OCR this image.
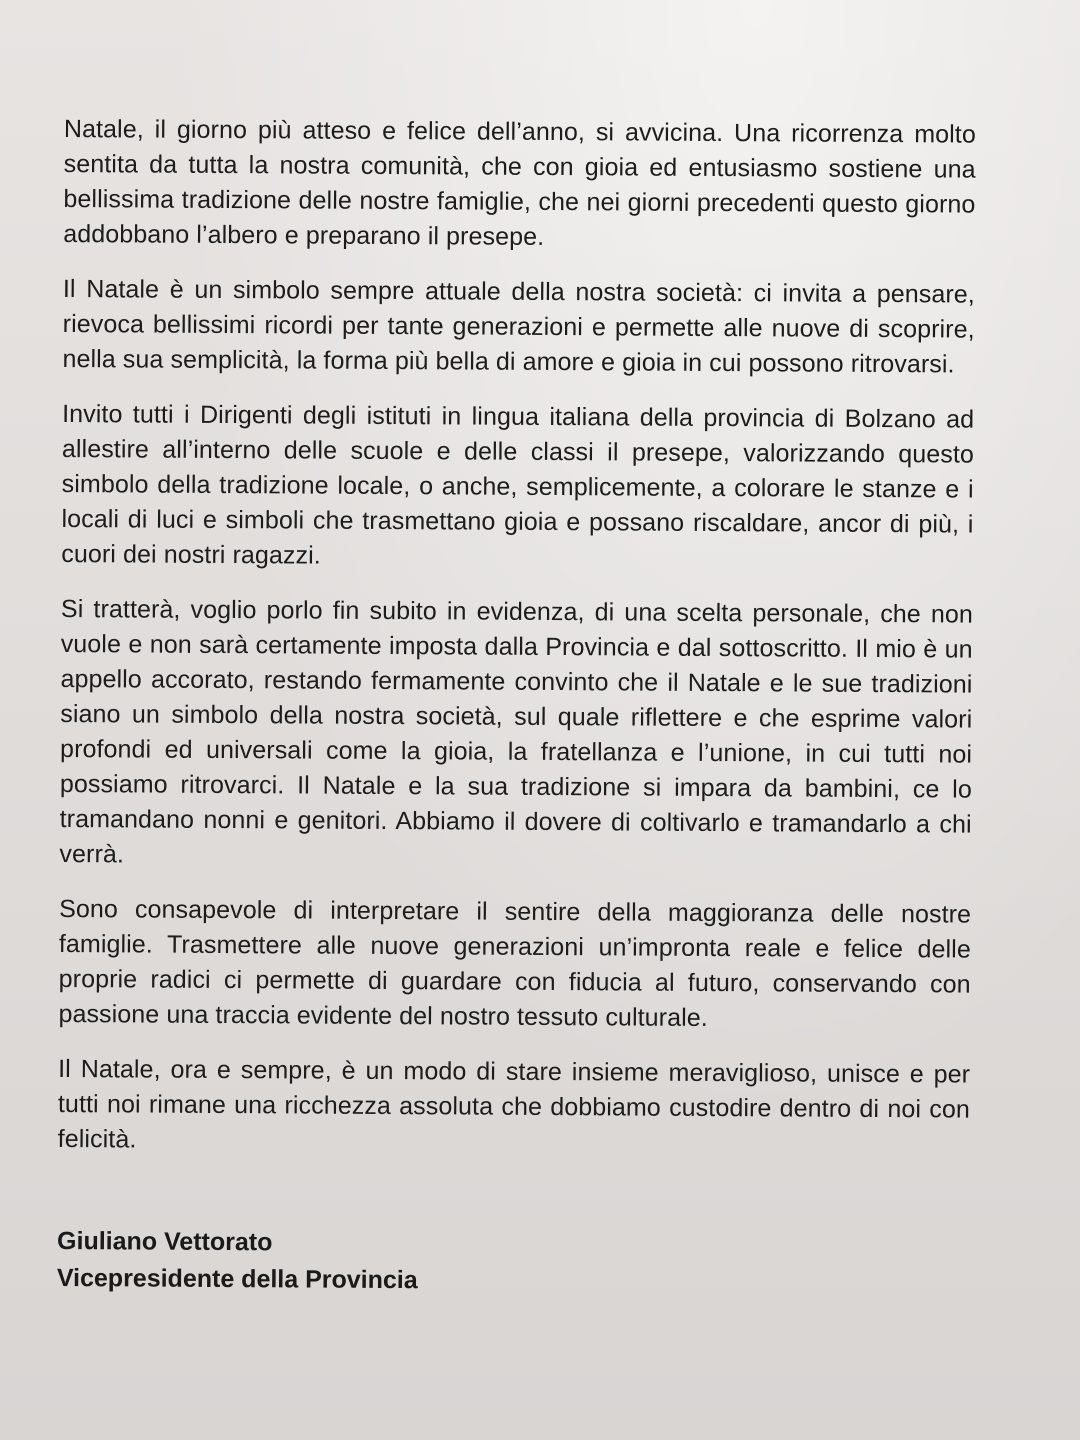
Natale, il giorno più atteso e felice dell’anno, si avvicina. Una ricorrenza molto sentita da tutta la nostra comunità, che con gioia ed entusiasmo sostiene una bellissima tradizione delle nostre famiglie, che nei giorni precedenti questo giorno addobbano l’albero e preparano il presepe.

Il Natale è un simbolo sempre attuale della nostra società: ci invita a pensare, rievoca bellissimi ricordi per tante generazioni e permette alle nuove di scoprire, nella sua semplicità, la forma più bella di amore e gioia in cui possono ritrovarsi.

Invito tutti i Dirigenti degli istituti in lingua italiana della provincia di Bolzano ad allestire all’interno delle scuole e delle classi il presepe, valorizzando questo simbolo della tradizione locale, o anche, semplicemente, a colorare le stanze e i locali di luci e simboli che trasmettano gioia e possano riscaldare, ancor di più, i cuori dei nostri ragazzi.

Si tratterà, voglio porlo fin subito in evidenza, di una scelta personale, che non vuole e non sarà certamente imposta dalla Provincia e dal sottoscritto. Il mio è un appello accorato, restando fermamente convinto che il Natale e le sue tradizioni siano un simbolo della nostra società, sul quale riflettere e che esprime valori profondi ed universali come la gioia, la fratellanza e l’unione, in cui tutti noi possiamo ritrovarci. Il Natale e la sua tradizione si impara da bambini, ce lo tramandano nonni e genitori. Abbiamo il dovere di coltivarlo e tramandarlo a chi verrà.

Sono consapevole di interpretare il sentire della maggioranza delle nostre famiglie. Trasmettere alle nuove generazioni un’impronta reale e felice delle proprie radici ci permette di guardare con fiducia al futuro, conservando con passione una traccia evidente del nostro tessuto culturale.

Il Natale, ora e sempre, è un modo di stare insieme meraviglioso, unisce e per tutti noi rimane una ricchezza assoluta che dobbiamo custodire dentro di noi con felicità.

Giuliano Vettorato
Vicepresidente della Provincia
